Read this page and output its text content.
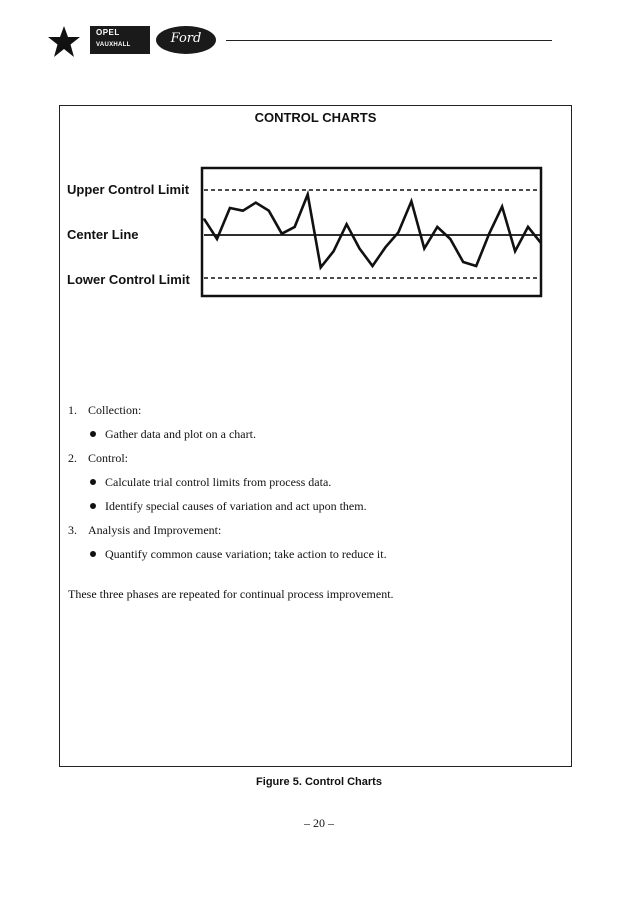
OPEL
VAUXHALL	Ford
CONTROL CHARTS
Upper Control Limit
Center Line
Lower Control Limit
1. Collection:
Gather data and plot on a chart.
2. Control:
Calculate trial control limits from process data.
Identify special causes of variation and act upon them.
3. Analysis and Improvement:
Quantify common cause variation; take action to reduce it.
These three phases are repeated for continual process improvement.
Figure 5. Control Charts
– 20 –
